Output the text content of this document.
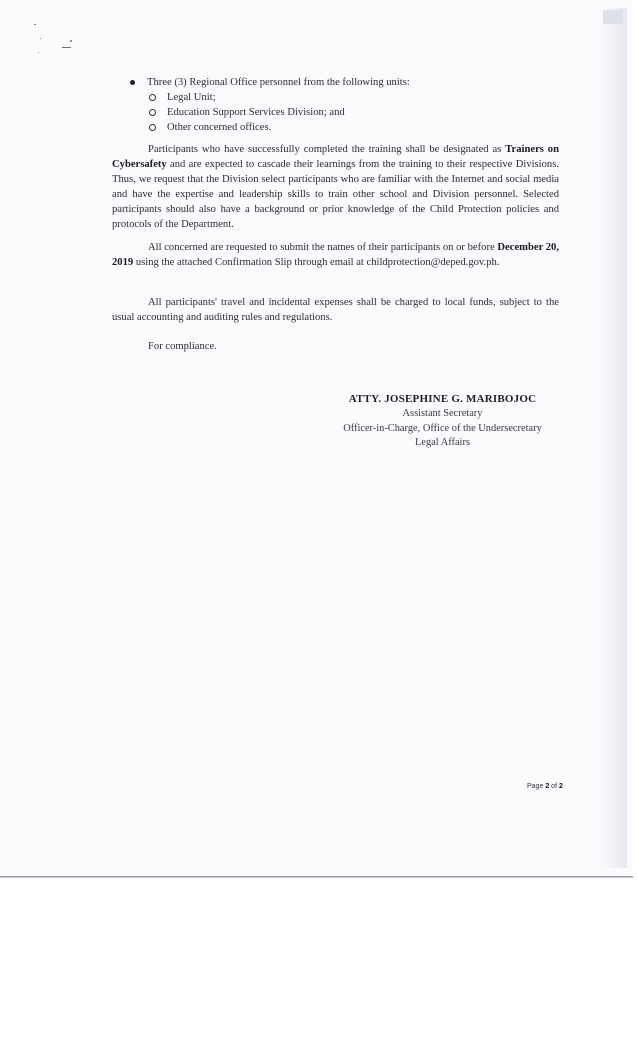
Three (3) Regional Office personnel from the following units:
Legal Unit;
Education Support Services Division; and
Other concerned offices.

Participants who have successfully completed the training shall be designated as Trainers on Cybersafety and are expected to cascade their learnings from the training to their respective Divisions. Thus, we request that the Division select participants who are familiar with the Internet and social media and have the expertise and leadership skills to train other school and Division personnel. Selected participants should also have a background or prior knowledge of the Child Protection policies and protocols of the Department.

All concerned are requested to submit the names of their participants on or before December 20, 2019 using the attached Confirmation Slip through email at childprotection@deped.gov.ph.

All participants' travel and incidental expenses shall be charged to local funds, subject to the usual accounting and auditing rules and regulations.

For compliance.

ATTY. JOSEPHINE G. MARIBOJOC
Assistant Secretary
Officer-in-Charge, Office of the Undersecretary
Legal Affairs
Page 2 of 2
